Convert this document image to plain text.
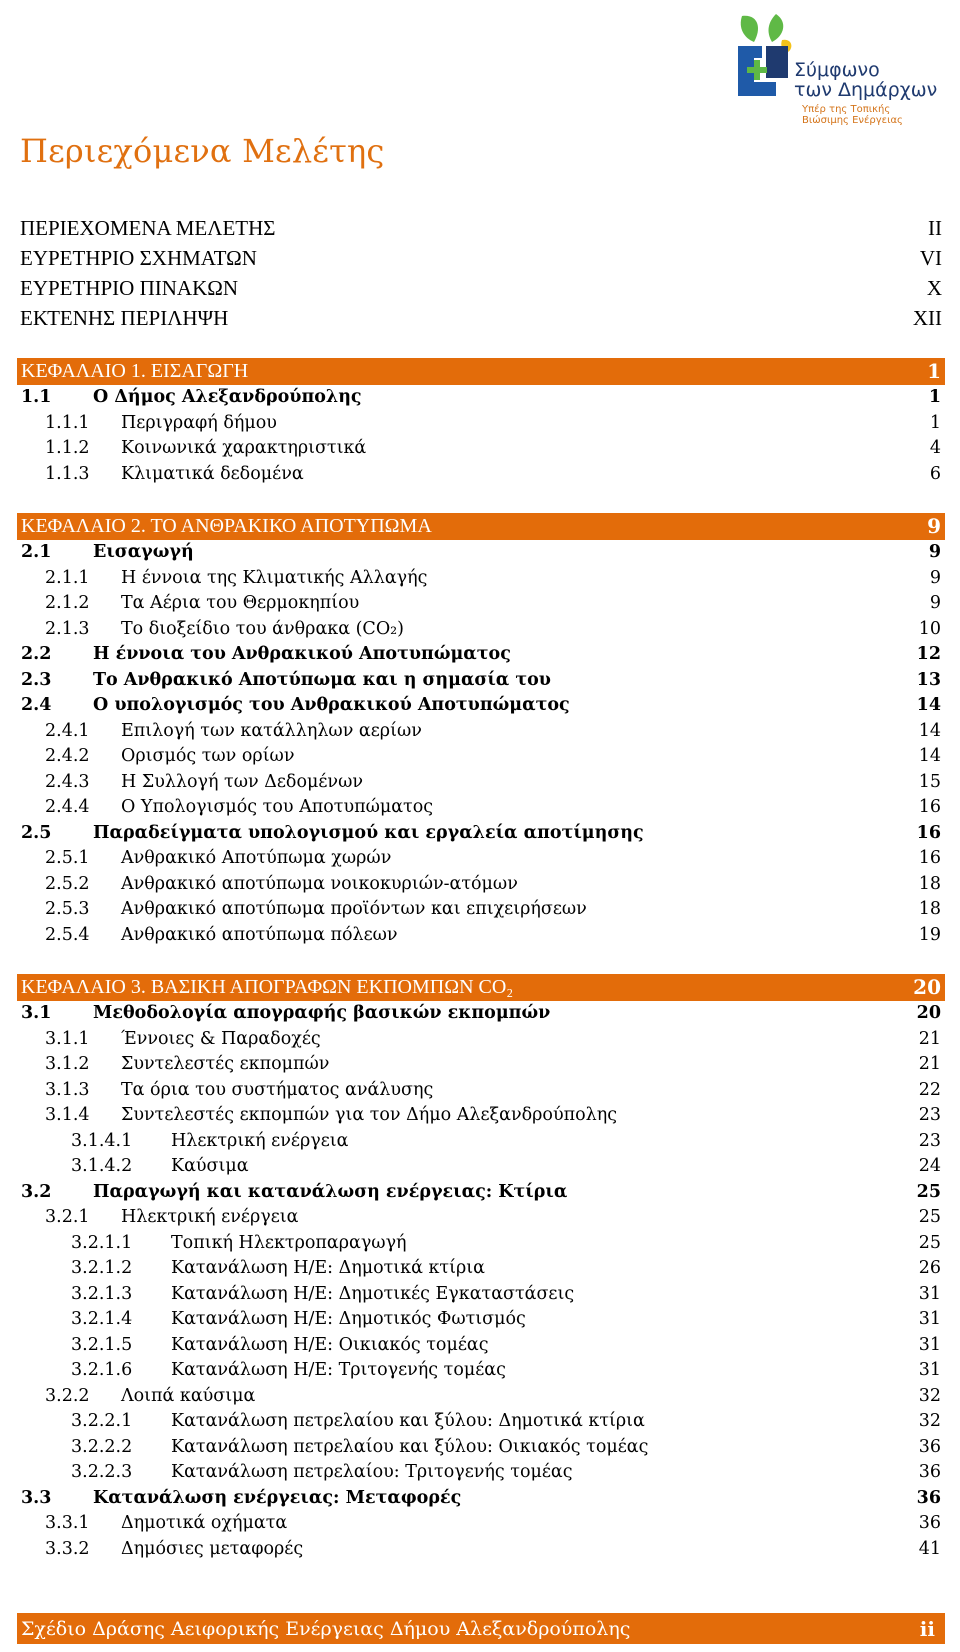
Σύμφωνο
των Δημάρχων
Υπέρ της Τοπικής
Βιώσιμης Ενέργειας
Περιεχόμενα Μελέτης
ΠΕΡΙΕΧΟΜΕΝΑ ΜΕΛΕΤΗΣ	II
ΕΥΡΕΤΗΡΙΟ ΣΧΗΜΑΤΩΝ	VI
ΕΥΡΕΤΗΡΙΟ ΠΙΝΑΚΩΝ	X
ΕΚΤΕΝΗΣ ΠΕΡΙΛΗΨΗ	XII
ΚΕΦΑΛΑΙΟ 1. ΕΙΣΑΓΩΓΗ	1
1.1	Ο Δήμος Αλεξανδρούπολης	1
1.1.1	Περιγραφή δήμου	1
1.1.2	Κοινωνικά χαρακτηριστικά	4
1.1.3	Κλιματικά δεδομένα	6
ΚΕΦΑΛΑΙΟ 2. ΤΟ ΑΝΘΡΑΚΙΚΟ ΑΠΟΤΥΠΩΜΑ	9
2.1	Εισαγωγή	9
2.1.1	Η έννοια της Κλιματικής Αλλαγής	9
2.1.2	Τα Αέρια του Θερμοκηπίου	9
2.1.3	Το διοξείδιο του άνθρακα (CO₂)	10
2.2	Η έννοια του Ανθρακικού Αποτυπώματος	12
2.3	Το Ανθρακικό Αποτύπωμα και η σημασία του	13
2.4	Ο υπολογισμός του Ανθρακικού Αποτυπώματος	14
2.4.1	Επιλογή των κατάλληλων αερίων	14
2.4.2	Ορισμός των ορίων	14
2.4.3	Η Συλλογή των Δεδομένων	15
2.4.4	Ο Υπολογισμός του Αποτυπώματος	16
2.5	Παραδείγματα υπολογισμού και εργαλεία αποτίμησης	16
2.5.1	Ανθρακικό Αποτύπωμα χωρών	16
2.5.2	Ανθρακικό αποτύπωμα νοικοκυριών-ατόμων	18
2.5.3	Ανθρακικό αποτύπωμα προϊόντων και επιχειρήσεων	18
2.5.4	Ανθρακικό αποτύπωμα πόλεων	19
ΚΕΦΑΛΑΙΟ 3. ΒΑΣΙΚΗ ΑΠΟΓΡΑΦΩΝ ΕΚΠΟΜΠΩΝ CO₂	20
3.1	Μεθοδολογία απογραφής βασικών εκπομπών	20
3.1.1	Έννοιες & Παραδοχές	21
3.1.2	Συντελεστές εκπομπών	21
3.1.3	Τα όρια του συστήματος ανάλυσης	22
3.1.4	Συντελεστές εκπομπών για τον Δήμο Αλεξανδρούπολης	23
3.1.4.1	Ηλεκτρική ενέργεια	23
3.1.4.2	Καύσιμα	24
3.2	Παραγωγή και κατανάλωση ενέργειας: Κτίρια	25
3.2.1	Ηλεκτρική ενέργεια	25
3.2.1.1	Τοπική Ηλεκτροπαραγωγή	25
3.2.1.2	Κατανάλωση Η/Ε: Δημοτικά κτίρια	26
3.2.1.3	Κατανάλωση Η/Ε: Δημοτικές Εγκαταστάσεις	31
3.2.1.4	Κατανάλωση Η/Ε: Δημοτικός Φωτισμός	31
3.2.1.5	Κατανάλωση Η/Ε: Οικιακός τομέας	31
3.2.1.6	Κατανάλωση Η/Ε: Τριτογενής τομέας	31
3.2.2	Λοιπά καύσιμα	32
3.2.2.1	Κατανάλωση πετρελαίου και ξύλου: Δημοτικά κτίρια	32
3.2.2.2	Κατανάλωση πετρελαίου και ξύλου: Οικιακός τομέας	36
3.2.2.3	Κατανάλωση πετρελαίου: Τριτογενής τομέας	36
3.3	Κατανάλωση ενέργειας: Μεταφορές	36
3.3.1	Δημοτικά οχήματα	36
3.3.2	Δημόσιες μεταφορές	41
Σχέδιο Δράσης Αειφορικής Ενέργειας Δήμου Αλεξανδρούπολης	ii
